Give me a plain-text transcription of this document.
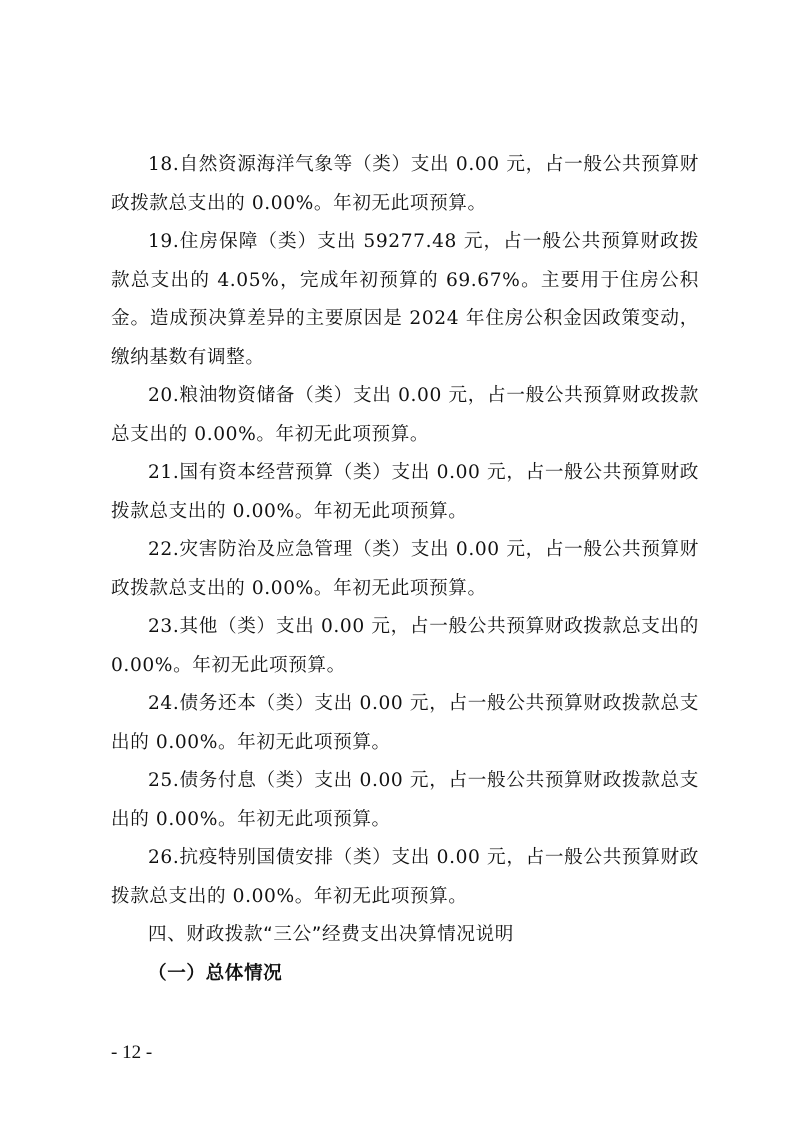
18.自然资源海洋气象等（类）支出 0.00 元，占一般公共预算财政拨款总支出的 0.00%。年初无此项预算。

19.住房保障（类）支出 59277.48 元，占一般公共预算财政拨款总支出的 4.05%，完成年初预算的 69.67%。主要用于住房公积金。造成预决算差异的主要原因是 2024 年住房公积金因政策变动，缴纳基数有调整。

20.粮油物资储备（类）支出 0.00 元，占一般公共预算财政拨款总支出的 0.00%。年初无此项预算。

21.国有资本经营预算（类）支出 0.00 元，占一般公共预算财政拨款总支出的 0.00%。年初无此项预算。

22.灾害防治及应急管理（类）支出 0.00 元，占一般公共预算财政拨款总支出的 0.00%。年初无此项预算。

23.其他（类）支出 0.00 元，占一般公共预算财政拨款总支出的 0.00%。年初无此项预算。

24.债务还本（类）支出 0.00 元，占一般公共预算财政拨款总支出的 0.00%。年初无此项预算。

25.债务付息（类）支出 0.00 元，占一般公共预算财政拨款总支出的 0.00%。年初无此项预算。

26.抗疫特别国债安排（类）支出 0.00 元，占一般公共预算财政拨款总支出的 0.00%。年初无此项预算。

四、财政拨款“三公”经费支出决算情况说明

（一）总体情况

- 12 -
